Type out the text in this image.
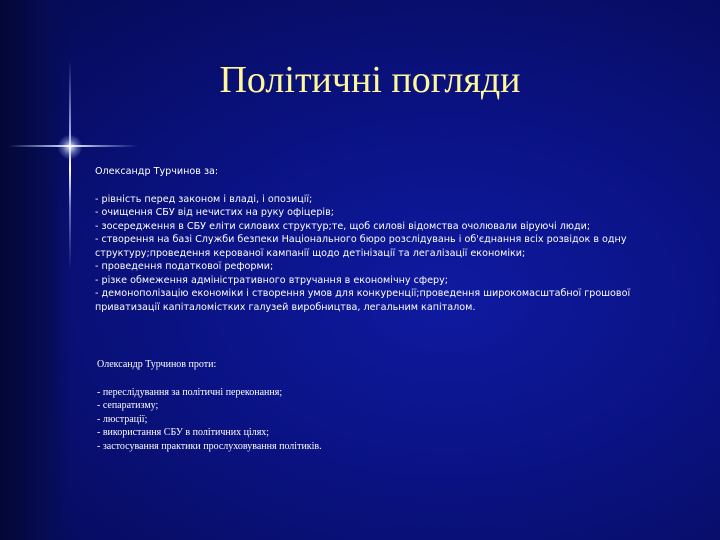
Політичні погляди
Олександр Турчинов за:
- рівність перед законом і владі, і опозиції;
- очищення СБУ від нечистих на руку офіцерів;
- зосередження в СБУ еліти силових структур;те, щоб силові відомства очолювали віруючі люди;
- створення на базі Служби безпеки Національного бюро розслідувань і об'єднання всіх розвідок в одну структуру;проведення керованої кампанії щодо детінізації та легалізації економіки;
- проведення податкової реформи;
- різке обмеження адміністративного втручання в економічну сферу;
- демонополізацію економіки і створення умов для конкуренції;проведення широкомасштабної грошової приватизації капіталомістких галузей виробництва, легальним капіталом.
Олександр Турчинов проти:
- переслідування за політичні переконання;
- сепаратизму;
- люстрації;
- використання СБУ в політичних цілях;
- застосування практики прослуховування політиків.
